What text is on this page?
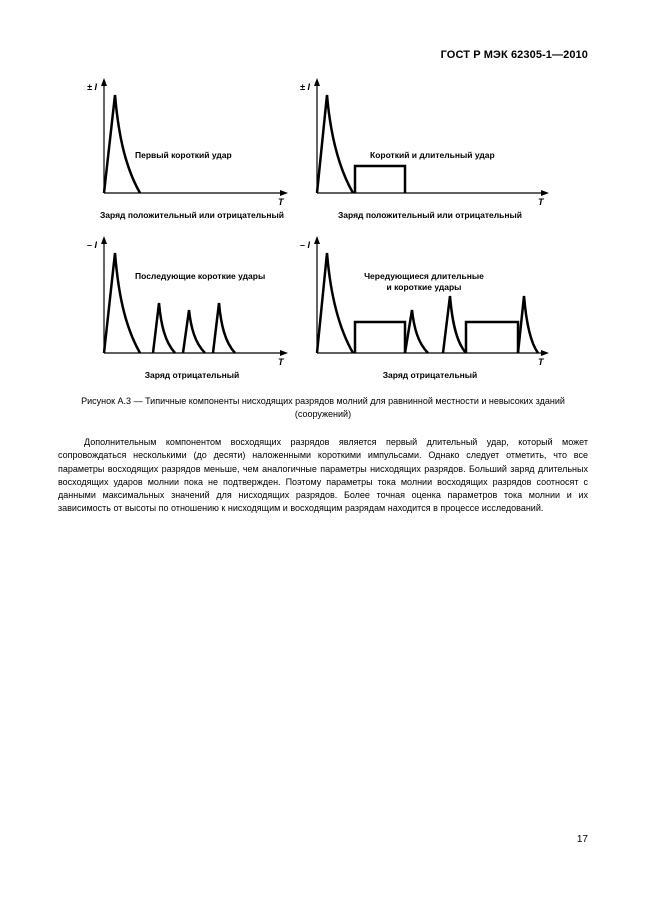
ГОСТ Р МЭК 62305-1—2010
± I
T
Первый короткий удар
Заряд положительный или отрицательный
± I
T
Короткий и длительный удар
Заряд положительный или отрицательный
– I
T
Последующие короткие удары
Заряд отрицательный
– I
T
Чередующиеся длительные
и короткие удары
Заряд отрицательный
Рисунок А.3 — Типичные компоненты нисходящих разрядов молний для равнинной местности и невысоких зданий (сооружений)

Дополнительным компонентом восходящих разрядов является первый длительный удар, который может сопровождаться несколькими (до десяти) наложенными короткими импульсами. Однако следует отметить, что все параметры восходящих разрядов меньше, чем аналогичные параметры нисходящих разрядов. Больший заряд длительных восходящих ударов молнии пока не подтвержден. Поэтому параметры тока молнии восходящих разрядов соотносят с данными максимальных значений для нисходящих разрядов. Более точная оценка параметров тока молнии и их зависимость от высоты по отношению к нисходящим и восходящим разрядам находится в процессе исследований.

17
